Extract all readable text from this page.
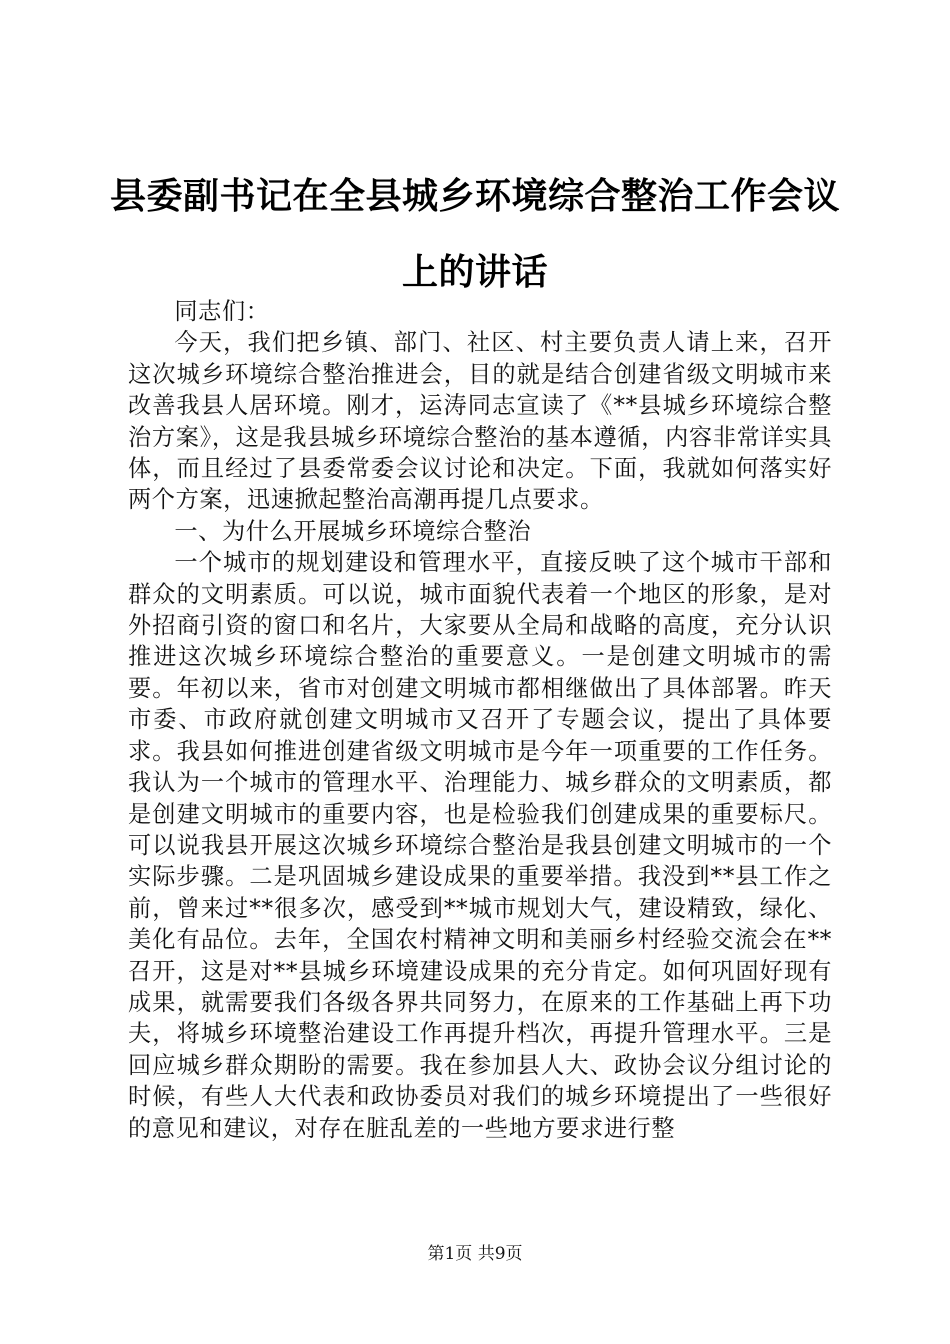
县委副书记在全县城乡环境综合整治工作会议
上的讲话

同志们：

今天，我们把乡镇、部门、社区、村主要负责人请上来，召开这次城乡环境综合整治推进会，目的就是结合创建省级文明城市来改善我县人居环境。刚才，运涛同志宣读了《**县城乡环境综合整治方案》，这是我县城乡环境综合整治的基本遵循，内容非常详实具体，而且经过了县委常委会议讨论和决定。下面，我就如何落实好两个方案，迅速掀起整治高潮再提几点要求。

一、为什么开展城乡环境综合整治

一个城市的规划建设和管理水平，直接反映了这个城市干部和群众的文明素质。可以说，城市面貌代表着一个地区的形象，是对外招商引资的窗口和名片，大家要从全局和战略的高度，充分认识推进这次城乡环境综合整治的重要意义。一是创建文明城市的需要。年初以来，省市对创建文明城市都相继做出了具体部署。昨天市委、市政府就创建文明城市又召开了专题会议，提出了具体要求。我县如何推进创建省级文明城市是今年一项重要的工作任务。我认为一个城市的管理水平、治理能力、城乡群众的文明素质，都是创建文明城市的重要内容，也是检验我们创建成果的重要标尺。可以说我县开展这次城乡环境综合整治是我县创建文明城市的一个实际步骤。二是巩固城乡建设成果的重要举措。我没到**县工作之前，曾来过**很多次，感受到**城市规划大气，建设精致，绿化、美化有品位。去年，全国农村精神文明和美丽乡村经验交流会在**召开，这是对**县城乡环境建设成果的充分肯定。如何巩固好现有成果，就需要我们各级各界共同努力，在原来的工作基础上再下功夫，将城乡环境整治建设工作再提升档次，再提升管理水平。三是回应城乡群众期盼的需要。我在参加县人大、政协会议分组讨论的时候，有些人大代表和政协委员对我们的城乡环境提出了一些很好的意见和建议，对存在脏乱差的一些地方要求进行整

第1页 共9页
